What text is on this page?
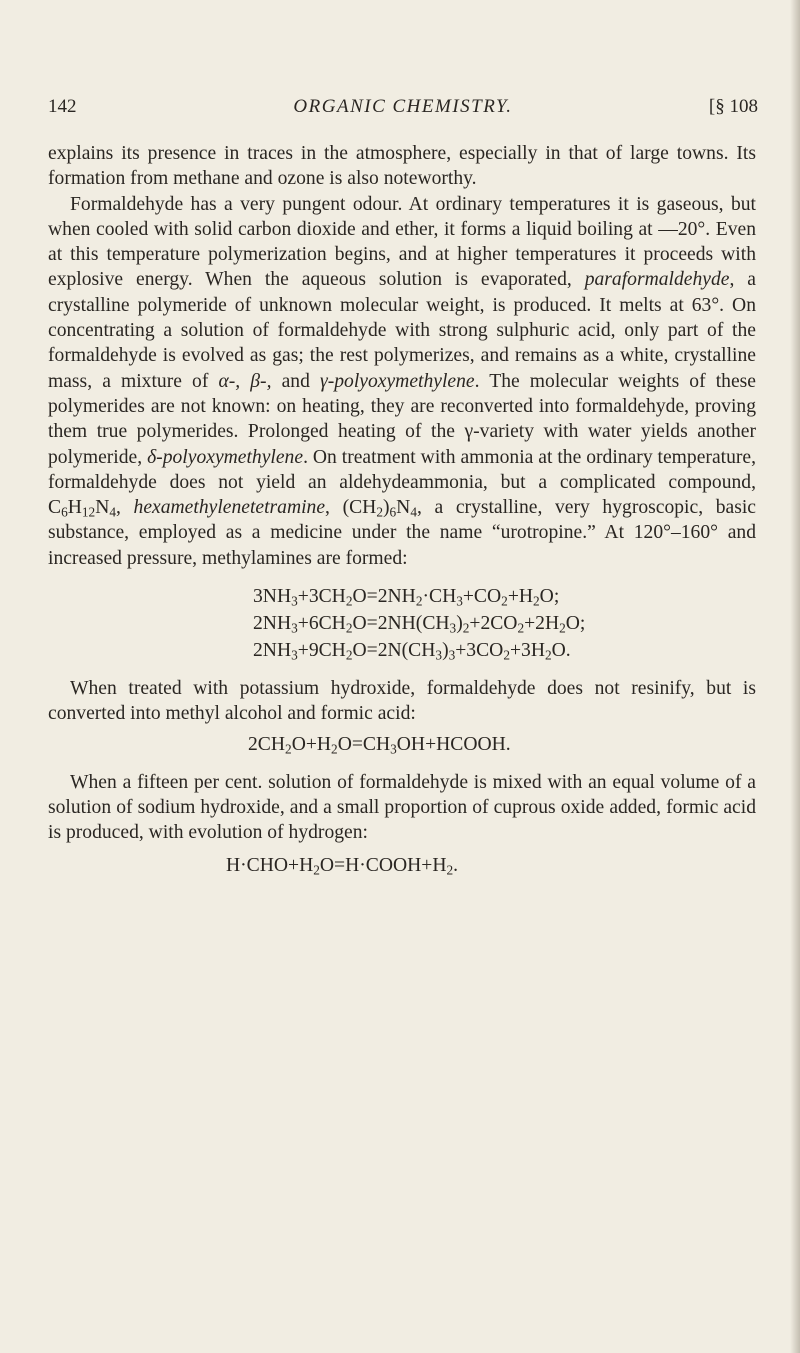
142	ORGANIC CHEMISTRY.	[§ 108

explains its presence in traces in the atmosphere, especially in that of large towns. Its formation from methane and ozone is also noteworthy.

Formaldehyde has a very pungent odour. At ordinary temperatures it is gaseous, but when cooled with solid carbon dioxide and ether, it forms a liquid boiling at —20°. Even at this temperature polymerization begins, and at higher temperatures it proceeds with explosive energy. When the aqueous solution is evaporated, paraformaldehyde, a crystalline polymeride of unknown molecular weight, is produced. It melts at 63°. On concentrating a solution of formaldehyde with strong sulphuric acid, only part of the formaldehyde is evolved as gas; the rest polymerizes, and remains as a white, crystalline mass, a mixture of α-, β-, and γ-polyoxymethylene. The molecular weights of these polymerides are not known: on heating, they are reconverted into formaldehyde, proving them true polymerides. Prolonged heating of the γ-variety with water yields another polymeride, δ-polyoxymethylene. On treatment with ammonia at the ordinary temperature, formaldehyde does not yield an aldehydeammonia, but a complicated compound, $C_6H_{12}N_4$, hexamethylenetetramine, $(CH_2)_6N_4$, a crystalline, very hygroscopic, basic substance, employed as a medicine under the name “urotropine.” At 120°–160° and increased pressure, methylamines are formed:

$3NH_3+3CH_2O=2NH_2\cdot CH_3+CO_2+H_2O$;

$2NH_3+6CH_2O=2NH(CH_3)_2+2CO_2+2H_2O$;

$2NH_3+9CH_2O=2N(CH_3)_3+3CO_2+3H_2O$.

When treated with potassium hydroxide, formaldehyde does not resinify, but is converted into methyl alcohol and formic acid:

$2CH_2O+H_2O=CH_3OH+HCOOH$.

When a fifteen per cent. solution of formaldehyde is mixed with an equal volume of a solution of sodium hydroxide, and a small proportion of cuprous oxide added, formic acid is produced, with evolution of hydrogen:

$H\cdot CHO+H_2O=H\cdot COOH+H_2$.
